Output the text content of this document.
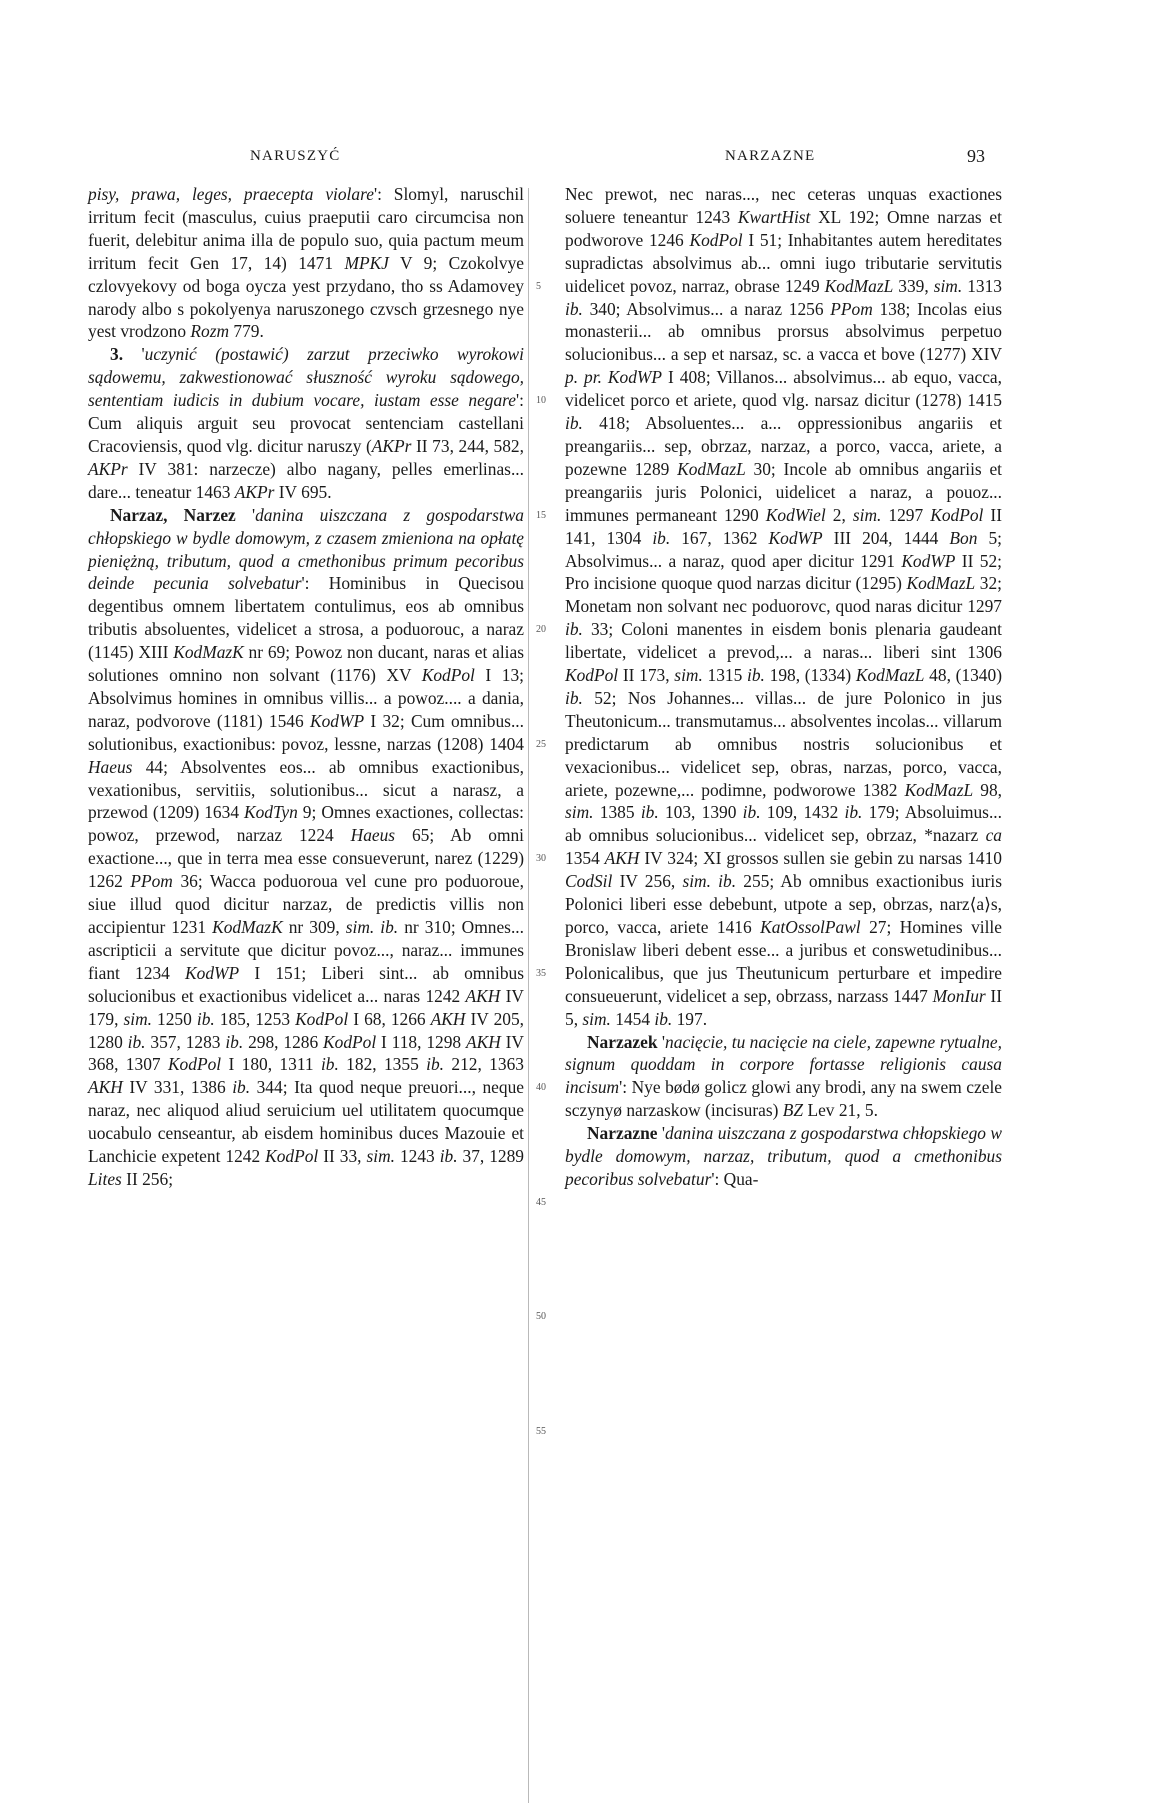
NARUSZYĆ	NARZAZNE	93

pisy, prawa, leges, praecepta violare': Slomyl, naruschil irritum fecit (masculus, cuius praeputii caro circumcisa non fuerit, delebitur anima illa de populo suo, quia pactum meum irritum fecit Gen 17, 14) 1471 MPKJ V 9; Czokolvye czlovyekovy od boga oycza yest przydano, tho ss Adamovey narody albo s pokolyenya naruszonego czvsch grzesnego nye yest vrodzono Rozm 779.

3. 'uczynić (postawić) zarzut przeciwko wyrokowi sądowemu, zakwestionować słuszność wyroku sądowego, sententiam iudicis in dubium vocare, iustam esse negare': Cum aliquis arguit seu provocat sentenciam castellani Cracoviensis, quod vlg. dicitur naruszy (AKPr II 73, 244, 582, AKPr IV 381: narzecze) albo nagany, pelles emerlinas... dare... teneatur 1463 AKPr IV 695.

Narzaz, Narzez 'danina uiszczana z gospodarstwa chłopskiego w bydle domowym, z czasem zmieniona na opłatę pieniężną, tributum, quod a cmethonibus primum pecoribus deinde pecunia solvebatur': Hominibus in Quecisou degentibus omnem libertatem contulimus, eos ab omnibus tributis absoluentes, videlicet a strosa, a poduorouc, a naraz (1145) XIII KodMazK nr 69; Powoz non ducant, naras et alias solutiones omnino non solvant (1176) XV KodPol I 13; Absolvimus homines in omnibus villis... a powoz.... a dania, naraz, podvorove (1181) 1546 KodWP I 32; Cum omnibus... solutionibus, exactionibus: povoz, lessne, narzas (1208) 1404 Haeus 44; Absolventes eos... ab omnibus exactionibus, vexationibus, servitiis, solutionibus... sicut a narasz, a przewod (1209) 1634 KodTyn 9; Omnes exactiones, collectas: powoz, przewod, narzaz 1224 Haeus 65; Ab omni exactione..., que in terra mea esse consueverunt, narez (1229) 1262 PPom 36; Wacca poduoroua vel cune pro poduoroue, siue illud quod dicitur narzaz, de predictis villis non accipientur 1231 KodMazK nr 309, sim. ib. nr 310; Omnes... ascripticii a servitute que dicitur povoz..., naraz... immunes fiant 1234 KodWP I 151; Liberi sint... ab omnibus solucionibus et exactionibus videlicet a... naras 1242 AKH IV 179, sim. 1250 ib. 185, 1253 KodPol I 68, 1266 AKH IV 205, 1280 ib. 357, 1283 ib. 298, 1286 KodPol I 118, 1298 AKH IV 368, 1307 KodPol I 180, 1311 ib. 182, 1355 ib. 212, 1363 AKH IV 331, 1386 ib. 344; Ita quod neque preuori..., neque naraz, nec aliquod aliud seruicium uel utilitatem quocumque uocabulo censeantur, ab eisdem hominibus duces Mazouie et Lanchicie expetent 1242 KodPol II 33, sim. 1243 ib. 37, 1289 Lites II 256;

5
10
15
20
25
30
35
40
45
50
55

Nec prewot, nec naras..., nec ceteras unquas exactiones soluere teneantur 1243 KwartHist XL 192; Omne narzas et podworove 1246 KodPol I 51; Inhabitantes autem hereditates supradictas absolvimus ab... omni iugo tributarie servitutis uidelicet povoz, narraz, obrase 1249 KodMazL 339, sim. 1313 ib. 340; Absolvimus... a naraz 1256 PPom 138; Incolas eius monasterii... ab omnibus prorsus absolvimus perpetuo solucionibus... a sep et narsaz, sc. a vacca et bove (1277) XIV p. pr. KodWP I 408; Villanos... absolvimus... ab equo, vacca, videlicet porco et ariete, quod vlg. narsaz dicitur (1278) 1415 ib. 418; Absoluentes... a... oppressionibus angariis et preangariis... sep, obrzaz, narzaz, a porco, vacca, ariete, a pozewne 1289 KodMazL 30; Incole ab omnibus angariis et preangariis juris Polonici, uidelicet a naraz, a pouoz... immunes permaneant 1290 KodWiel 2, sim. 1297 KodPol II 141, 1304 ib. 167, 1362 KodWP III 204, 1444 Bon 5; Absolvimus... a naraz, quod aper dicitur 1291 KodWP II 52; Pro incisione quoque quod narzas dicitur (1295) KodMazL 32; Monetam non solvant nec poduorovc, quod naras dicitur 1297 ib. 33; Coloni manentes in eisdem bonis plenaria gaudeant libertate, videlicet a prevod,... a naras... liberi sint 1306 KodPol II 173, sim. 1315 ib. 198, (1334) KodMazL 48, (1340) ib. 52; Nos Johannes... villas... de jure Polonico in jus Theutonicum... transmutamus... absolventes incolas... villarum predictarum ab omnibus nostris solucionibus et vexacionibus... videlicet sep, obras, narzas, porco, vacca, ariete, pozewne,... podimne, podworowe 1382 KodMazL 98, sim. 1385 ib. 103, 1390 ib. 109, 1432 ib. 179; Absoluimus... ab omnibus solucionibus... videlicet sep, obrzaz, *nazarz ca 1354 AKH IV 324; XI grossos sullen sie gebin zu narsas 1410 CodSil IV 256, sim. ib. 255; Ab omnibus exactionibus iuris Polonici liberi esse debebunt, utpote a sep, obrzas, narz⟨a⟩s, porco, vacca, ariete 1416 KatOssolPawl 27; Homines ville Bronislaw liberi debent esse... a juribus et conswetudinibus... Polonicalibus, que jus Theutunicum perturbare et impedire consueuerunt, videlicet a sep, obrzass, narzass 1447 MonIur II 5, sim. 1454 ib. 197.

Narzazek 'nacięcie, tu nacięcie na ciele, zapewne rytualne, signum quoddam in corpore fortasse religionis causa incisum': Nye bødø golicz glowi any brodi, any na swem czele sczynyø narzaskow (incisuras) BZ Lev 21, 5.

Narzazne 'danina uiszczana z gospodarstwa chłopskiego w bydle domowym, narzaz, tributum, quod a cmethonibus pecoribus solvebatur': Qua-
